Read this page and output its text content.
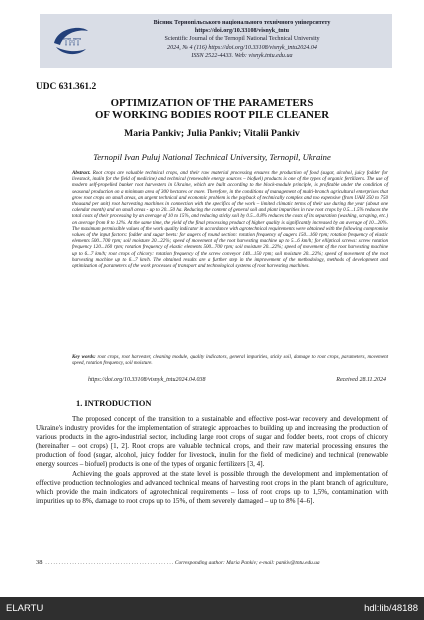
ТНТ
Вісник Тернопільського національного технічного університету
https://doi.org/10.33108/visnyk_tntu
Scientific Journal of the Ternopil National Technical University
2024, № 4 (116) https://doi.org/10.33108/visnyk_tntu2024.04
ISSN 2522-4433. Web: visnyk.tntu.edu.ua
UDC 631.361.2
OPTIMIZATION OF THE PARAMETERS
OF WORKING BODIES ROOT PILE CLEANER
Maria Pankiv; Julia Pankiv; Vitalii Pankiv
Ternopil Ivan Puluj National Technical University, Ternopil, Ukraine

Abstract. Root crops are valuable technical crops, and their raw material processing ensures the production of food (sugar, alcohol, juicy fodder for livestock, inulin for the field of medicine) and technical (renewable energy sources – biofuel) products is one of the types of organic fertilizers. The use of modern self-propelled bunker root harvesters in Ukraine, which are built according to the block-module principle, is profitable under the condition of seasonal production on a minimum area of 300 hectares or more. Therefore, in the conditions of management of multi-branch agricultural enterprises that grow root crops on small areas, an urgent technical and economic problem is the payback of technically complex and too expensive (from UAH 350 to 750 thousand per unit) root harvesting machines in connection with the specifics of the work – limited climatic terms of their use during the year (about one calendar month) and on small areas - up to 20...50 ha. Reducing the content of general soil and plant impurities in raw root crops by 0.5...1.5% reduces the total costs of their processing by an average of 10 to 15%, and reducing sticky soil by 0.5...0.8% reduces the costs of its separation (washing, scraping, etc.) on average from 8 to 12%. At the same time, the yield of the final processing product of higher quality is significantly increased by an average of 10...20%. The maximum permissible values of the work quality indicator in accordance with agrotechnical requirements were obtained with the following compromise values of the input factors: fodder and sugar beets: for augers of round section: rotation frequency of augers 150...160 rpm; rotation frequency of elastic elements 500...700 rpm; soil moisture 20...22%; speed of movement of the root harvesting machine up to 5...6 km/h; for elliptical screws: screw rotation frequency 120...160 rpm; rotation frequency of elastic elements 500...700 rpm; soil moisture 20...22%; speed of movement of the root harvesting machine up to 6...7 km/h; root crops of chicory: rotation frequency of the screw conveyor 140...150 rpm; soil moisture 20...22%; speed of movement of the root harvesting machine up to 6...7 km/h. The obtained results are a further step in the improvement of the methodology, methods of development and optimization of parameters of the work processes of transport and technological systems of root harvesting machines.

Key words: root crops, root harvester, cleaning module, quality indicators, general impurities, sticky soil, damage to root crops, parameters, movement speed, rotation frequency, soil moisture.

https://doi.org/10.33108/visnyk_tntu2024.04.038	Received 28.11.2024
1. INTRODUCTION

The proposed concept of the transition to a sustainable and effective post-war recovery and development of Ukraine's industry provides for the implementation of strategic approaches to building up and increasing the production of various products in the agro-industrial sector, including large root crops of sugar and fodder beets, root crops of chicory (hereinafter – oot crops) [1, 2]. Root crops are valuable technical crops, and their raw material processing ensures the production of food (sugar, alcohol, juicy fodder for livestock, inulin for the field of medicine) and technical (renewable energy sources – biofuel) products is one of the types of organic fertilizers [3, 4].

Achieving the goals approved at the state level is possible through the development and implementation of effective production technologies and advanced technical means of harvesting root crops in the plant branch of agriculture, which provide the main indicators of agrotechnical requirements – loss of root crops up to 1,5%, contamination with impurities up to 8%, damage to root crops up to 15%, of them severely damaged – up to 8% [4–6].

38 . . . . . . . . . . . . . . . . . . . . . . . . . . . . . . . . . . . . . . . . . . . . . . . . Corresponding author: Maria Pankiv; e-mail: pankiv@tntu.edu.ua
ELARTU	hdl:lib/48188
